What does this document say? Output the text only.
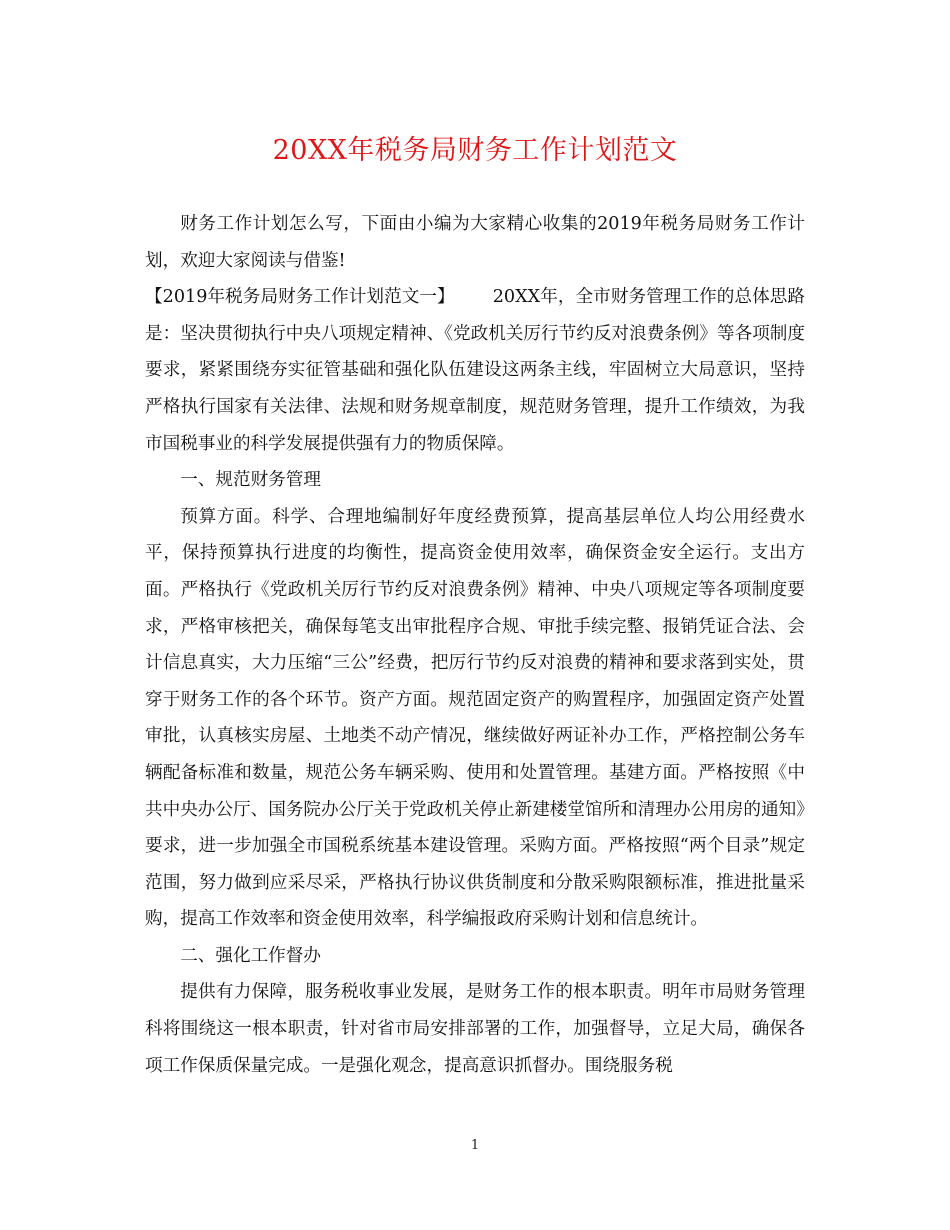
20XX年税务局财务工作计划范文

财务工作计划怎么写，下面由小编为大家精心收集的2019年税务局财务工作计划，欢迎大家阅读与借鉴!

【2019年税务局财务工作计划范文一】 20XX年，全市财务管理工作的总体思路是：坚决贯彻执行中央八项规定精神、《党政机关厉行节约反对浪费条例》等各项制度要求，紧紧围绕夯实征管基础和强化队伍建设这两条主线，牢固树立大局意识，坚持严格执行国家有关法律、法规和财务规章制度，规范财务管理，提升工作绩效，为我市国税事业的科学发展提供强有力的物质保障。

一、规范财务管理

预算方面。科学、合理地编制好年度经费预算，提高基层单位人均公用经费水平，保持预算执行进度的均衡性，提高资金使用效率，确保资金安全运行。支出方面。严格执行《党政机关厉行节约反对浪费条例》精神、中央八项规定等各项制度要求，严格审核把关，确保每笔支出审批程序合规、审批手续完整、报销凭证合法、会计信息真实，大力压缩“三公”经费，把厉行节约反对浪费的精神和要求落到实处，贯穿于财务工作的各个环节。资产方面。规范固定资产的购置程序，加强固定资产处置审批，认真核实房屋、土地类不动产情况，继续做好两证补办工作，严格控制公务车辆配备标准和数量，规范公务车辆采购、使用和处置管理。基建方面。严格按照《中共中央办公厅、国务院办公厅关于党政机关停止新建楼堂馆所和清理办公用房的通知》要求，进一步加强全市国税系统基本建设管理。采购方面。严格按照“两个目录”规定范围，努力做到应采尽采，严格执行协议供货制度和分散采购限额标准，推进批量采购，提高工作效率和资金使用效率，科学编报政府采购计划和信息统计。

二、强化工作督办

提供有力保障，服务税收事业发展，是财务工作的根本职责。明年市局财务管理科将围绕这一根本职责，针对省市局安排部署的工作，加强督导，立足大局，确保各项工作保质保量完成。一是强化观念，提高意识抓督办。围绕服务税

1
